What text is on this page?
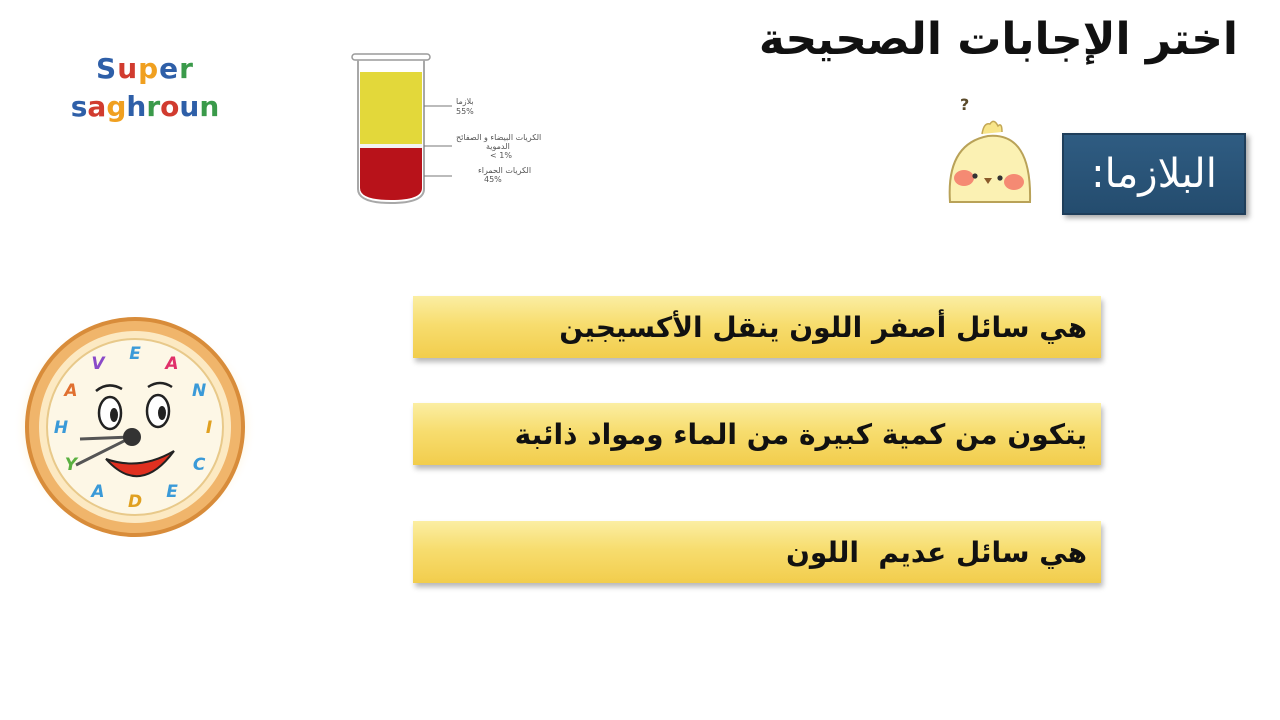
Super
saghroun
اختر الإجابات الصحيحة
بلازما
55%
الكريات البيضاء و الصفائح
الدموية
< 1%
الكريات الحمراء
45%
?
البلازما:
H
A
V E A
N
I
C
E
D
A
Y
هي سائل أصفر اللون ينقل الأكسيجين
يتكون من كمية كبيرة من الماء ومواد ذائبة
هي سائل عديم  اللون
